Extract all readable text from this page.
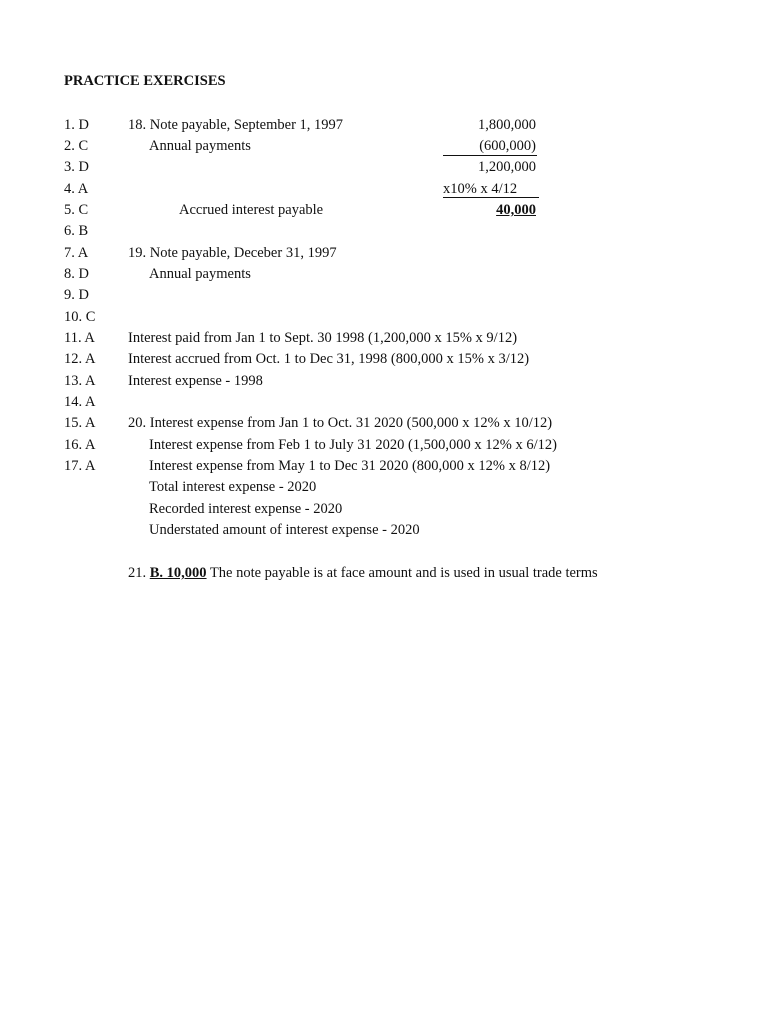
PRACTICE EXERCISES
1. D
2. C
3. D
4. A
5. C
6. B
7. A
8. D
9. D
10. C
11. A
12. A
13. A
14. A
15. A
16. A
17. A
18. Note payable, September 1, 1997	1,800,000
Annual payments	(600,000)
1,200,000
x10% x 4/12
Accrued interest payable	40,000
19. Note payable, Deceber 31, 1997
Annual payments
Interest paid from Jan 1 to Sept. 30 1998 (1,200,000 x 15% x 9/12)
Interest accrued from Oct. 1 to Dec 31, 1998 (800,000 x 15% x 3/12)
Interest expense - 1998
20. Interest expense from Jan 1 to Oct. 31 2020 (500,000 x 12% x 10/12)
Interest expense from Feb 1 to July 31 2020 (1,500,000 x 12% x 6/12)
Interest expense from May 1 to Dec 31 2020 (800,000 x 12% x 8/12)
Total interest expense - 2020
Recorded interest expense - 2020
Understated amount of interest expense - 2020
21. B. 10,000 The note payable is at face amount and is used in usual trade terms
